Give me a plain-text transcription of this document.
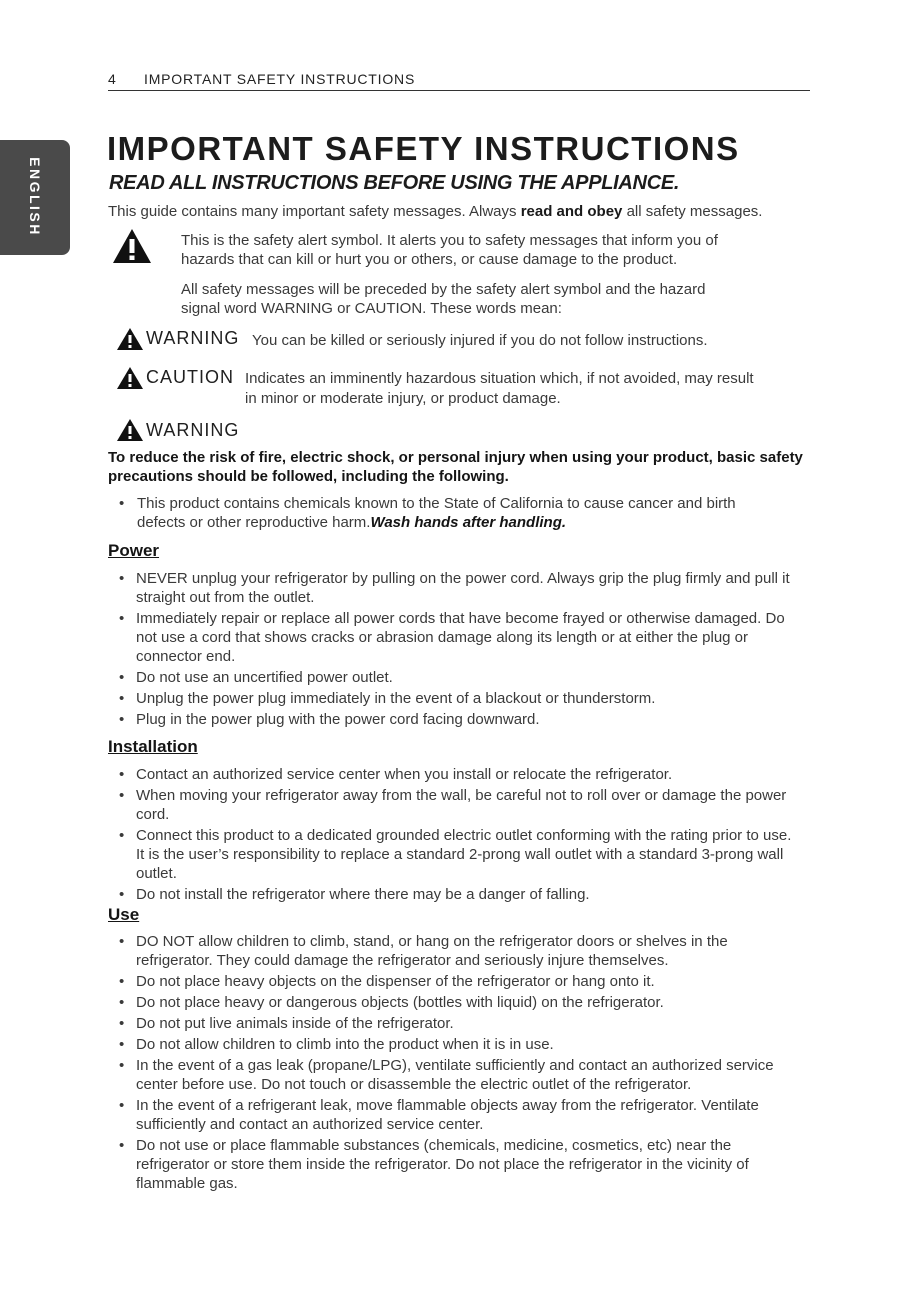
4 IMPORTANT SAFETY INSTRUCTIONS
ENGLISH
IMPORTANT SAFETY INSTRUCTIONS
READ ALL INSTRUCTIONS BEFORE USING THE APPLIANCE.
This guide contains many important safety messages. Always read and obey all safety messages.
This is the safety alert symbol. It alerts you to safety messages that inform you of
hazards that can kill or hurt you or others, or cause damage to the product.
All safety messages will be preceded by the safety alert symbol and the hazard
signal word WARNING or CAUTION. These words mean:
WARNING You can be killed or seriously injured if you do not follow instructions.
CAUTION Indicates an imminently hazardous situation which, if not avoided, may result
in minor or moderate injury, or product damage.
WARNING
To reduce the risk of fire, electric shock, or personal injury when using your product, basic safety
precautions should be followed, including the following.
• This product contains chemicals known to the State of California to cause cancer and birth
defects or other reproductive harm.Wash hands after handling.
Power
• NEVER unplug your refrigerator by pulling on the power cord. Always grip the plug firmly and pull it straight out from the outlet.
• Immediately repair or replace all power cords that have become frayed or otherwise damaged. Do not use a cord that shows cracks or abrasion damage along its length or at either the plug or connector end.
• Do not use an uncertified power outlet.
• Unplug the power plug immediately in the event of a blackout or thunderstorm.
• Plug in the power plug with the power cord facing downward.
Installation
• Contact an authorized service center when you install or relocate the refrigerator.
• When moving your refrigerator away from the wall, be careful not to roll over or damage the power cord.
• Connect this product to a dedicated grounded electric outlet conforming with the rating prior to use. It is the user’s responsibility to replace a standard 2-prong wall outlet with a standard 3-prong wall outlet.
• Do not install the refrigerator where there may be a danger of falling.
Use
• DO NOT allow children to climb, stand, or hang on the refrigerator doors or shelves in the refrigerator. They could damage the refrigerator and seriously injure themselves.
• Do not place heavy objects on the dispenser of the refrigerator or hang onto it.
• Do not place heavy or dangerous objects (bottles with liquid) on the refrigerator.
• Do not put live animals inside of the refrigerator.
• Do not allow children to climb into the product when it is in use.
• In the event of a gas leak (propane/LPG), ventilate sufficiently and contact an authorized service center before use. Do not touch or disassemble the electric outlet of the refrigerator.
• In the event of a refrigerant leak, move flammable objects away from the refrigerator. Ventilate sufficiently and contact an authorized service center.
• Do not use or place flammable substances (chemicals, medicine, cosmetics, etc) near the refrigerator or store them inside the refrigerator. Do not place the refrigerator in the vicinity of flammable gas.
